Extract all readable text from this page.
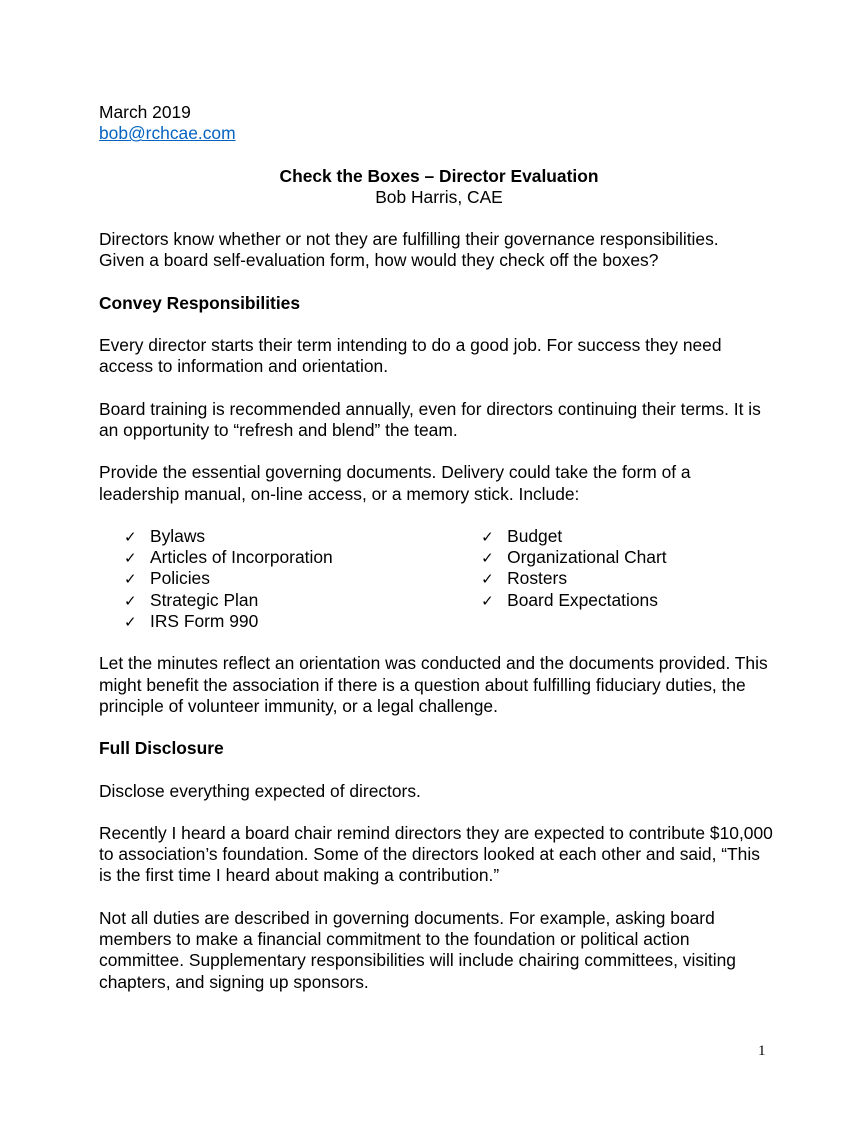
March 2019
bob@rchcae.com
Check the Boxes – Director Evaluation
Bob Harris, CAE

Directors know whether or not they are fulfilling their governance responsibilities.
Given a board self-evaluation form, how would they check off the boxes?

Convey Responsibilities

Every director starts their term intending to do a good job. For success they need
access to information and orientation.

Board training is recommended annually, even for directors continuing their terms. It is
an opportunity to “refresh and blend” the team.

Provide the essential governing documents. Delivery could take the form of a
leadership manual, on-line access, or a memory stick. Include:

✓ Bylaws
✓ Articles of Incorporation
✓ Policies
✓ Strategic Plan
✓ IRS Form 990
✓ Budget
✓ Organizational Chart
✓ Rosters
✓ Board Expectations

Let the minutes reflect an orientation was conducted and the documents provided. This
might benefit the association if there is a question about fulfilling fiduciary duties, the
principle of volunteer immunity, or a legal challenge.

Full Disclosure

Disclose everything expected of directors.

Recently I heard a board chair remind directors they are expected to contribute $10,000
to association’s foundation. Some of the directors looked at each other and said, “This
is the first time I heard about making a contribution.”

Not all duties are described in governing documents. For example, asking board
members to make a financial commitment to the foundation or political action
committee. Supplementary responsibilities will include chairing committees, visiting
chapters, and signing up sponsors.

1
